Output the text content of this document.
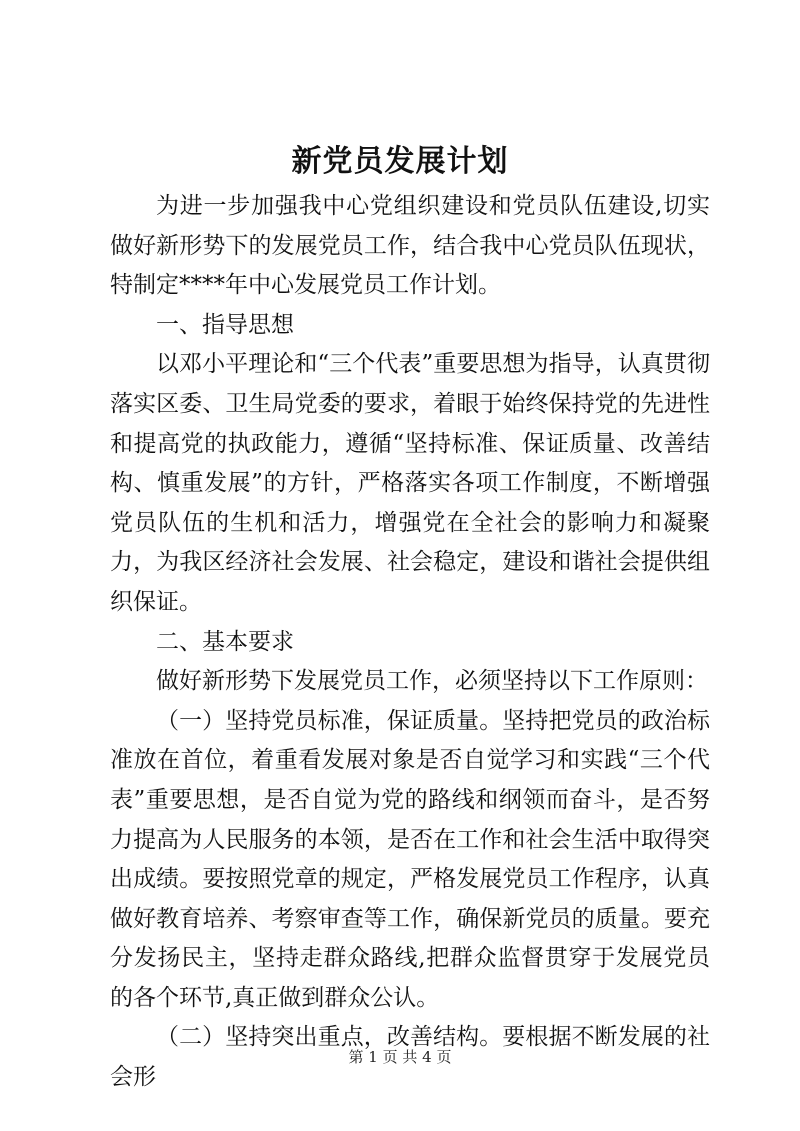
新党员发展计划

为进一步加强我中心党组织建设和党员队伍建设,切实做好新形势下的发展党员工作，结合我中心党员队伍现状，特制定****年中心发展党员工作计划。

一、指导思想

以邓小平理论和“三个代表”重要思想为指导，认真贯彻落实区委、卫生局党委的要求，着眼于始终保持党的先进性和提高党的执政能力，遵循“坚持标准、保证质量、改善结构、慎重发展”的方针，严格落实各项工作制度，不断增强党员队伍的生机和活力，增强党在全社会的影响力和凝聚力，为我区经济社会发展、社会稳定，建设和谐社会提供组织保证。

二、基本要求

做好新形势下发展党员工作，必须坚持以下工作原则：

（一）坚持党员标准，保证质量。坚持把党员的政治标准放在首位，着重看发展对象是否自觉学习和实践“三个代表”重要思想，是否自觉为党的路线和纲领而奋斗，是否努力提高为人民服务的本领，是否在工作和社会生活中取得突出成绩。要按照党章的规定，严格发展党员工作程序，认真做好教育培养、考察审查等工作，确保新党员的质量。要充分发扬民主，坚持走群众路线,把群众监督贯穿于发展党员的各个环节,真正做到群众公认。

（二）坚持突出重点，改善结构。要根据不断发展的社会形

第 1 页 共 4 页
